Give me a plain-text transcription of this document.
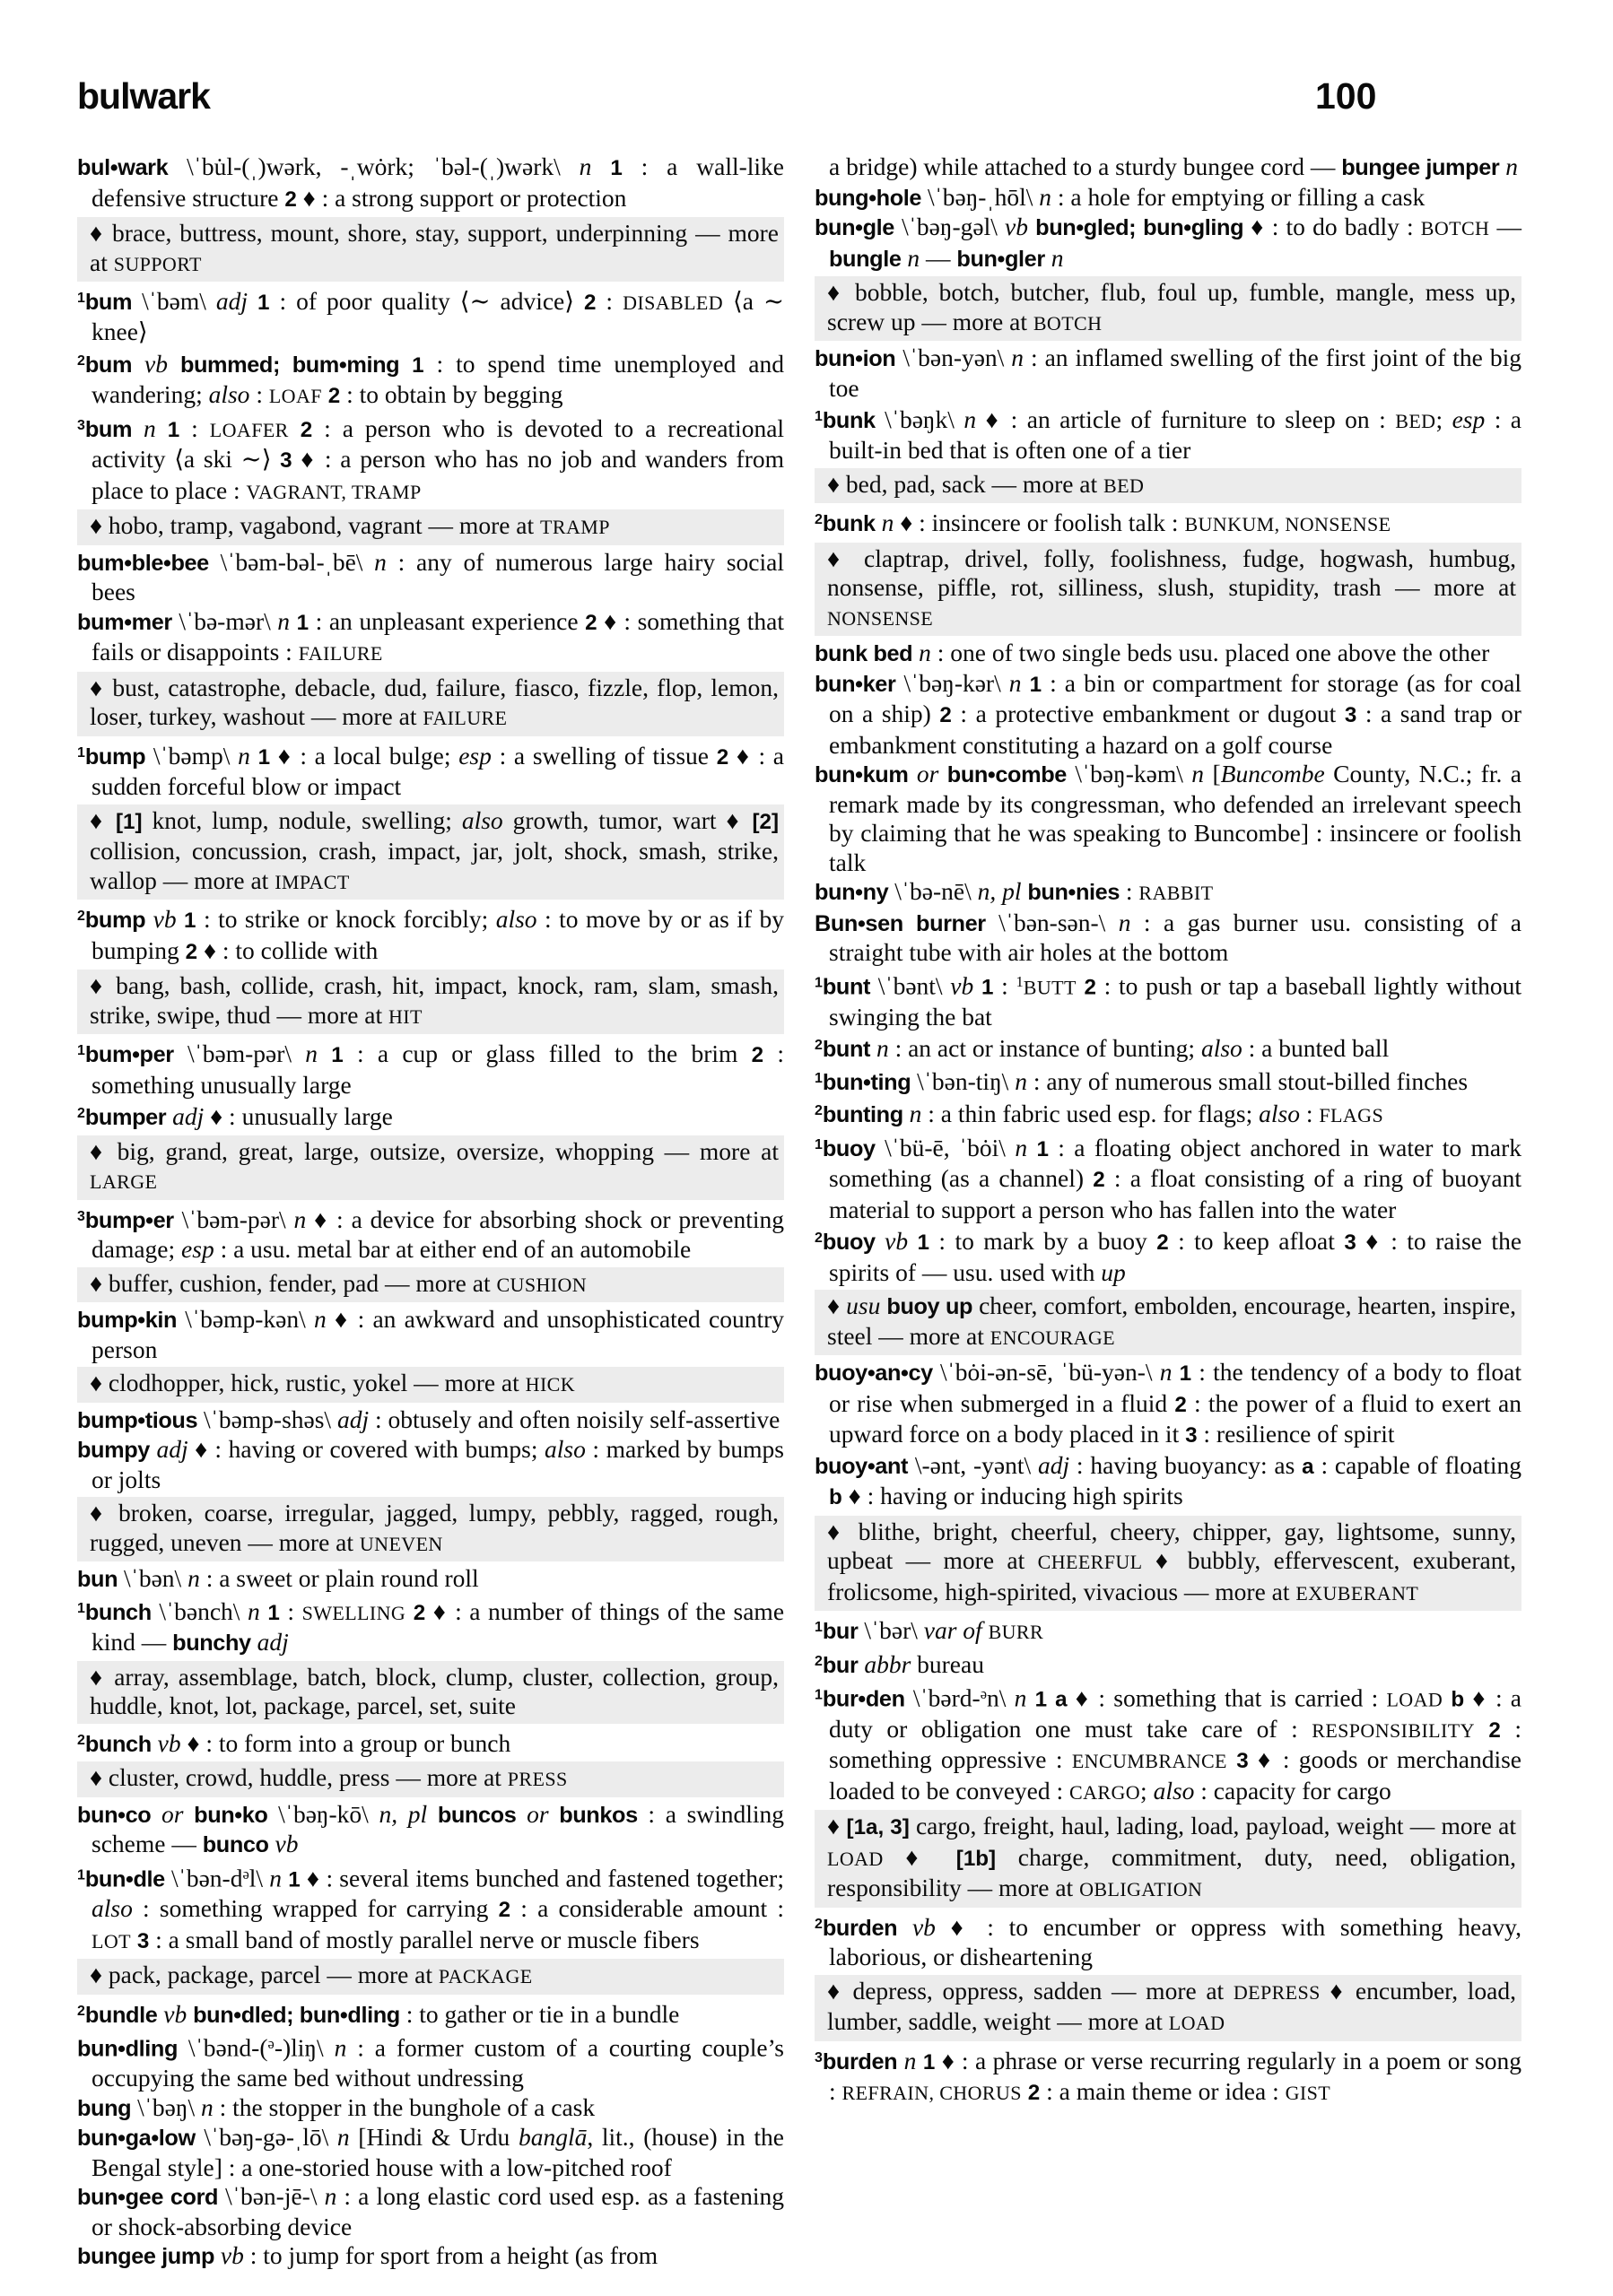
bulwark	100
bul•wark \ˈbu̇l-(ˌ)wərk, -ˌwȯrk; ˈbəl-(ˌ)wərk\ n 1 : a wall-like defensive structure 2 ♦ : a strong support or protection
♦ brace, buttress, mount, shore, stay, support, underpinning — more at SUPPORT
$^1$bum \ˈbəm\ adj 1 : of poor quality ⟨∼ advice⟩ 2 : DISABLED ⟨a ∼ knee⟩
$^2$bum vb bummed; bum•ming 1 : to spend time unemployed and wandering; also : LOAF 2 : to obtain by begging
$^3$bum n 1 : LOAFER 2 : a person who is devoted to a recreational activity ⟨a ski ∼⟩ 3 ♦ : a person who has no job and wanders from place to place : VAGRANT, TRAMP
♦ hobo, tramp, vagabond, vagrant — more at TRAMP
bum•ble•bee \ˈbəm-bəl-ˌbē\ n : any of numerous large hairy social bees
bum•mer \ˈbə-mər\ n 1 : an unpleasant experience 2 ♦ : something that fails or disappoints : FAILURE
♦ bust, catastrophe, debacle, dud, failure, fiasco, fizzle, flop, lemon, loser, turkey, washout — more at FAILURE
$^1$bump \ˈbəmp\ n 1 ♦ : a local bulge; esp : a swelling of tissue 2 ♦ : a sudden forceful blow or impact
♦ [1] knot, lump, nodule, swelling; also growth, tumor, wart ♦ [2] collision, concussion, crash, impact, jar, jolt, shock, smash, strike, wallop — more at IMPACT
$^2$bump vb 1 : to strike or knock forcibly; also : to move by or as if by bumping 2 ♦ : to collide with
♦ bang, bash, collide, crash, hit, impact, knock, ram, slam, smash, strike, swipe, thud — more at HIT
$^1$bum•per \ˈbəm-pər\ n 1 : a cup or glass filled to the brim 2 : something unusually large
$^2$bumper adj ♦ : unusually large
♦ big, grand, great, large, outsize, oversize, whopping — more at LARGE
$^3$bump•er \ˈbəm-pər\ n ♦ : a device for absorbing shock or preventing damage; esp : a usu. metal bar at either end of an automobile
♦ buffer, cushion, fender, pad — more at CUSHION
bump•kin \ˈbəmp-kən\ n ♦ : an awkward and unsophisticated country person
♦ clodhopper, hick, rustic, yokel — more at HICK
bump•tious \ˈbəmp-shəs\ adj : obtusely and often noisily self-assertive
bumpy adj ♦ : having or covered with bumps; also : marked by bumps or jolts
♦ broken, coarse, irregular, jagged, lumpy, pebbly, ragged, rough, rugged, uneven — more at UNEVEN
bun \ˈbən\ n : a sweet or plain round roll
$^1$bunch \ˈbənch\ n 1 : SWELLING 2 ♦ : a number of things of the same kind — bunchy adj
♦ array, assemblage, batch, block, clump, cluster, collection, group, huddle, knot, lot, package, parcel, set, suite
$^2$bunch vb ♦ : to form into a group or bunch
♦ cluster, crowd, huddle, press — more at PRESS
bun•co or bun•ko \ˈbəŋ-kō\ n, pl buncos or bunkos : a swindling scheme — bunco vb
$^1$bun•dle $\backslash ˈbən-d^əl\backslash$ n 1 ♦ : several items bunched and fastened together; also : something wrapped for carrying 2 : a considerable amount : LOT 3 : a small band of mostly parallel nerve or muscle fibers
♦ pack, package, parcel — more at PACKAGE
$^2$bundle vb bun•dled; bun•dling : to gather or tie in a bundle
bun•dling \ˈbənd-($^ə$-)liŋ\ n : a former custom of a courting couple’s occupying the same bed without undressing
bung \ˈbəŋ\ n : the stopper in the bunghole of a cask
bun•ga•low \ˈbəŋ-gə-ˌlō\ n [Hindi & Urdu banglā, lit., (house) in the Bengal style] : a one-storied house with a low-pitched roof
bun•gee cord \ˈbən-jē-\ n : a long elastic cord used esp. as a fastening or shock-absorbing device
bungee jump vb : to jump for sport from a height (as from
a bridge) while attached to a sturdy bungee cord — bungee jumper n
bung•hole \ˈbəŋ-ˌhōl\ n : a hole for emptying or filling a cask
bun•gle \ˈbəŋ-gəl\ vb bun•gled; bun•gling ♦ : to do badly : BOTCH — bungle n — bun•gler n
♦ bobble, botch, butcher, flub, foul up, fumble, mangle, mess up, screw up — more at BOTCH
bun•ion \ˈbən-yən\ n : an inflamed swelling of the first joint of the big toe
$^1$bunk \ˈbəŋk\ n ♦ : an article of furniture to sleep on : BED; esp : a built-in bed that is often one of a tier
♦ bed, pad, sack — more at BED
$^2$bunk n ♦ : insincere or foolish talk : BUNKUM, NONSENSE
♦ claptrap, drivel, folly, foolishness, fudge, hogwash, humbug, nonsense, piffle, rot, silliness, slush, stupidity, trash — more at NONSENSE
bunk bed n : one of two single beds usu. placed one above the other
bun•ker \ˈbəŋ-kər\ n 1 : a bin or compartment for storage (as for coal on a ship) 2 : a protective embankment or dugout 3 : a sand trap or embankment constituting a hazard on a golf course
bun•kum or bun•combe \ˈbəŋ-kəm\ n [Buncombe County, N.C.; fr. a remark made by its congressman, who defended an irrelevant speech by claiming that he was speaking to Buncombe] : insincere or foolish talk
bun•ny \ˈbə-nē\ n, pl bun•nies : RABBIT
Bun•sen burner \ˈbən-sən-\ n : a gas burner usu. consisting of a straight tube with air holes at the bottom
$^1$bunt \ˈbənt\ vb 1 : $^1$BUTT 2 : to push or tap a baseball lightly without swinging the bat
$^2$bunt n : an act or instance of bunting; also : a bunted ball
$^1$bun•ting \ˈbən-tiŋ\ n : any of numerous small stout-billed finches
$^2$bunting n : a thin fabric used esp. for flags; also : FLAGS
$^1$buoy \ˈbü-ē, ˈbȯi\ n 1 : a floating object anchored in water to mark something (as a channel) 2 : a float consisting of a ring of buoyant material to support a person who has fallen into the water
$^2$buoy vb 1 : to mark by a buoy 2 : to keep afloat 3 ♦ : to raise the spirits of — usu. used with up
♦ usu buoy up cheer, comfort, embolden, encourage, hearten, inspire, steel — more at ENCOURAGE
buoy•an•cy \ˈbȯi-ən-sē, ˈbü-yən-\ n 1 : the tendency of a body to float or rise when submerged in a fluid 2 : the power of a fluid to exert an upward force on a body placed in it 3 : resilience of spirit
buoy•ant \-ənt, -yənt\ adj : having buoyancy: as a : capable of floating b ♦ : having or inducing high spirits
♦ blithe, bright, cheerful, cheery, chipper, gay, lightsome, sunny, upbeat — more at CHEERFUL ♦ bubbly, effervescent, exuberant, frolicsome, high-spirited, vivacious — more at EXUBERANT
$^1$bur \ˈbər\ var of BURR
$^2$bur abbr bureau
$^1$bur•den \ˈbərd-$^ə$n\ n 1 a ♦ : something that is carried : LOAD b ♦ : a duty or obligation one must take care of : RESPONSIBILITY 2 : something oppressive : ENCUMBRANCE 3 ♦ : goods or merchandise loaded to be conveyed : CARGO; also : capacity for cargo
♦ [1a, 3] cargo, freight, haul, lading, load, payload, weight — more at LOAD ♦ [1b] charge, commitment, duty, need, obligation, responsibility — more at OBLIGATION
$^2$burden vb ♦ : to encumber or oppress with something heavy, laborious, or disheartening
♦ depress, oppress, sadden — more at DEPRESS ♦ encumber, load, lumber, saddle, weight — more at LOAD
$^3$burden n 1 ♦ : a phrase or verse recurring regularly in a poem or song : REFRAIN, CHORUS 2 : a main theme or idea : GIST
